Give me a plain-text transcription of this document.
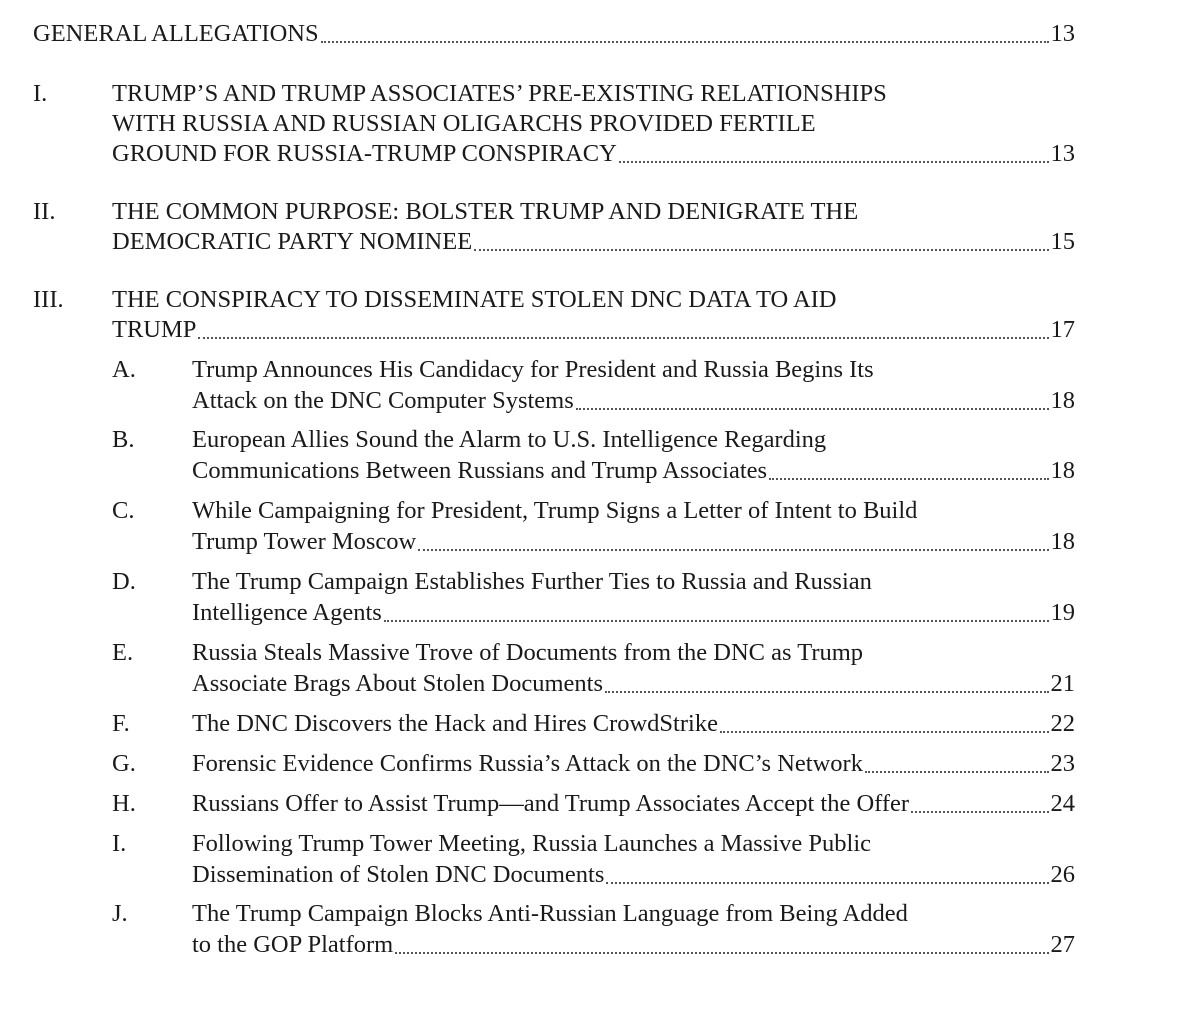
GENERAL ALLEGATIONS	13
I.	TRUMP’S AND TRUMP ASSOCIATES’ PRE-EXISTING RELATIONSHIPS
WITH RUSSIA AND RUSSIAN OLIGARCHS PROVIDED FERTILE
GROUND FOR RUSSIA-TRUMP CONSPIRACY	13
II. THE COMMON PURPOSE: BOLSTER TRUMP AND DENIGRATE THE
DEMOCRATIC PARTY NOMINEE	15
III. THE CONSPIRACY TO DISSEMINATE STOLEN DNC DATA TO AID
TRUMP	17
A. Trump Announces His Candidacy for President and Russia Begins Its
Attack on the DNC Computer Systems	18
B. European Allies Sound the Alarm to U.S. Intelligence Regarding
Communications Between Russians and Trump Associates	18
C. While Campaigning for President, Trump Signs a Letter of Intent to Build
Trump Tower Moscow	18
D. The Trump Campaign Establishes Further Ties to Russia and Russian
Intelligence Agents	19
E. Russia Steals Massive Trove of Documents from the DNC as Trump
Associate Brags About Stolen Documents	21
F.	The DNC Discovers the Hack and Hires CrowdStrike	22
G. Forensic Evidence Confirms Russia’s Attack on the DNC’s Network	23
H. Russians Offer to Assist Trump—and Trump Associates Accept the Offer	24
I.	Following Trump Tower Meeting, Russia Launches a Massive Public
Dissemination of Stolen DNC Documents	26
J.	The Trump Campaign Blocks Anti-Russian Language from Being Added
to the GOP Platform	27
